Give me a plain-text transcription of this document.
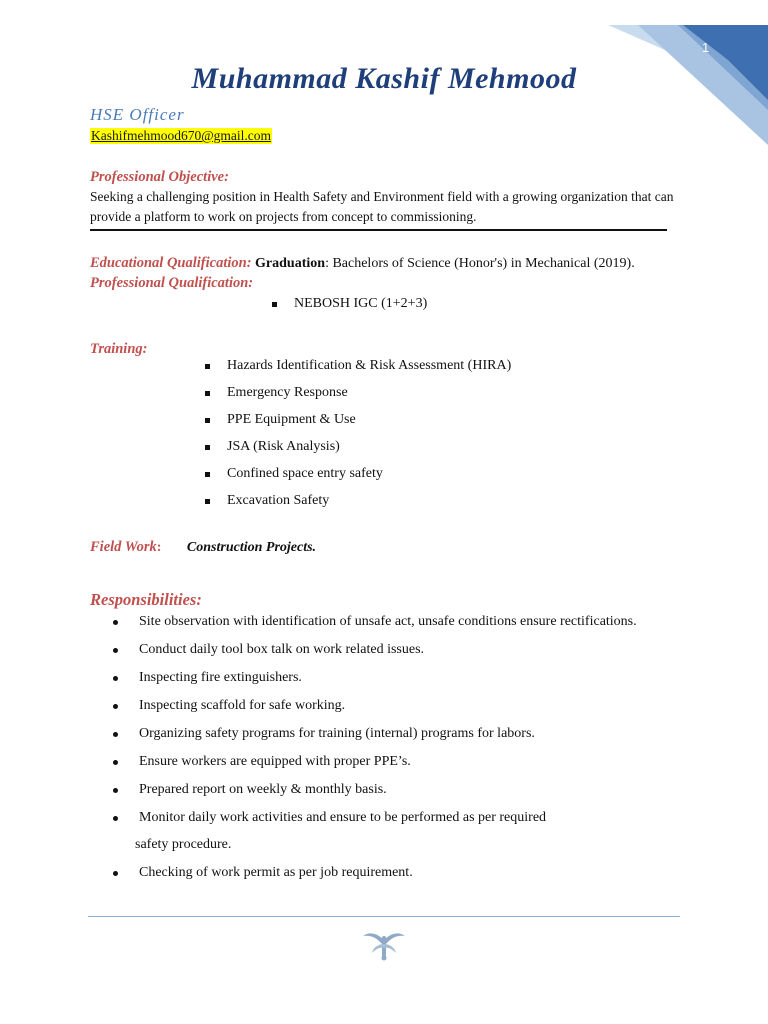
1
Muhammad Kashif Mehmood
HSE Officer
Kashifmehmood670@gmail.com
Professional Objective:
Seeking a challenging position in Health Safety and Environment field with a growing organization that can provide a platform to work on projects from concept to commissioning.
Educational Qualification: Graduation: Bachelors of Science (Honor's) in Mechanical (2019).
Professional Qualification:
NEBOSH IGC (1+2+3)
Training:
Hazards Identification & Risk Assessment (HIRA)
Emergency Response
PPE Equipment & Use
JSA (Risk Analysis)
Confined space entry safety
Excavation Safety
Field Work: Construction Projects.
Responsibilities:
Site observation with identification of unsafe act, unsafe conditions ensure rectifications.
Conduct daily tool box talk on work related issues.
Inspecting fire extinguishers.
Inspecting scaffold for safe working.
Organizing safety programs for training (internal) programs for labors.
Ensure workers are equipped with proper PPE’s.
Prepared report on weekly & monthly basis.
Monitor daily work activities and ensure to be performed as per required
safety procedure.
Checking of work permit as per job requirement.
